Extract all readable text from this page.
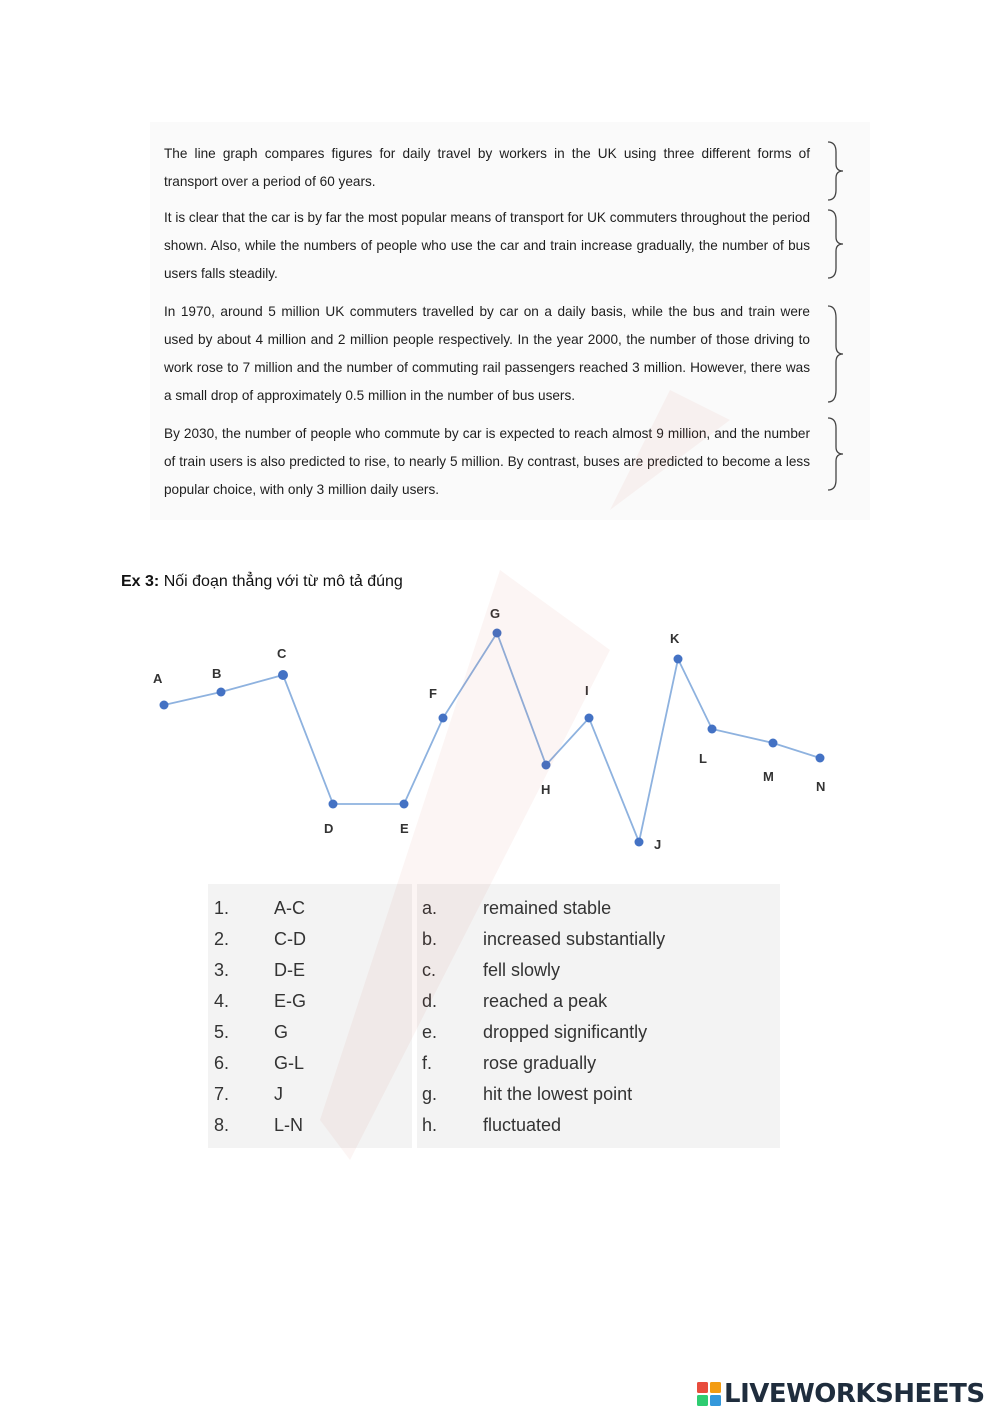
The line graph compares figures for daily travel by workers in the UK using three different forms of transport over a period of 60 years.
It is clear that the car is by far the most popular means of transport for UK commuters throughout the period shown. Also, while the numbers of people who use the car and train increase gradually, the number of bus users falls steadily.
In 1970, around 5 million UK commuters travelled by car on a daily basis, while the bus and train were used by about 4 million and 2 million people respectively. In the year 2000, the number of those driving to work rose to 7 million and the number of commuting rail passengers reached 3 million. However, there was a small drop of approximately 0.5 million in the number of bus users.
By 2030, the number of people who commute by car is expected to reach almost 9 million, and the number of train users is also predicted to rise, to nearly 5 million. By contrast, buses are predicted to become a less popular choice, with only 3 million daily users.
Ex 3: Nối đoạn thẳng với từ mô tả đúng
A	B
C
D	E
F
G
H
I
J
K
L
M
N
1. A-C
2. C-D
3. D-E
4. E-G
5. G
6. G-L
7. J
8. L-N
a.	remained stable
b.	increased substantially
c.	fell slowly
d.	reached a peak
e.	dropped significantly
f.	rose gradually
g.	hit the lowest point
h.	fluctuated
LIVEWORKSHEETS
